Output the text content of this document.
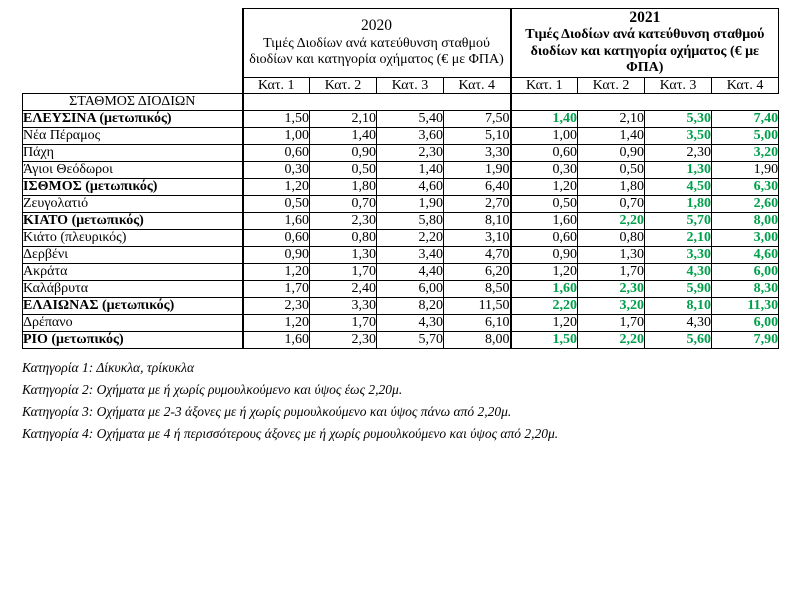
	2020
Τιμές Διοδίων ανά κατεύθυνση σταθμού διοδίων και κατηγορία οχήματος (€ με ΦΠΑ)				2021
Τιμές Διοδίων ανά κατεύθυνση σταθμού διοδίων και κατηγορία οχήματος (€ με ΦΠΑ)			
	Κατ. 1	Κατ. 2	Κατ. 3	Κατ. 4	Κατ. 1	Κατ. 2	Κατ. 3	Κατ. 4
ΣΤΑΘΜΟΣ ΔΙΟΔΙΩΝ								
ΕΛΕΥΣΙΝΑ (μετωπικός)	1,50	2,10	5,40	7,50	1,40	2,10	5,30	7,40
Νέα Πέραμος	1,00	1,40	3,60	5,10	1,00	1,40	3,50	5,00
Πάχη	0,60	0,90	2,30	3,30	0,60	0,90	2,30	3,20
Άγιοι Θεόδωροι	0,30	0,50	1,40	1,90	0,30	0,50	1,30	1,90
ΙΣΘΜΟΣ (μετωπικός)	1,20	1,80	4,60	6,40	1,20	1,80	4,50	6,30
Ζευγολατιό	0,50	0,70	1,90	2,70	0,50	0,70	1,80	2,60
ΚΙΑΤΟ (μετωπικός)	1,60	2,30	5,80	8,10	1,60	2,20	5,70	8,00
Κιάτο (πλευρικός)	0,60	0,80	2,20	3,10	0,60	0,80	2,10	3,00
Δερβένι	0,90	1,30	3,40	4,70	0,90	1,30	3,30	4,60
Ακράτα	1,20	1,70	4,40	6,20	1,20	1,70	4,30	6,00
Καλάβρυτα	1,70	2,40	6,00	8,50	1,60	2,30	5,90	8,30
ΕΛΑΙΩΝΑΣ (μετωπικός)	2,30	3,30	8,20	11,50	2,20	3,20	8,10	11,30
Δρέπανο	1,20	1,70	4,30	6,10	1,20	1,70	4,30	6,00
ΡΙΟ (μετωπικός)	1,60	2,30	5,70	8,00	1,50	2,20	5,60	7,90
Κατηγορία 1: Δίκυκλα, τρίκυκλα
Κατηγορία 2: Οχήματα με ή χωρίς ρυμουλκούμενο και ύψος έως 2,20μ.
Κατηγορία 3: Οχήματα με 2-3 άξονες με ή χωρίς ρυμουλκούμενο και ύψος πάνω από 2,20μ.
Κατηγορία 4: Οχήματα με 4 ή περισσότερους άξονες με ή χωρίς ρυμουλκούμενο και ύψος από 2,20μ.
